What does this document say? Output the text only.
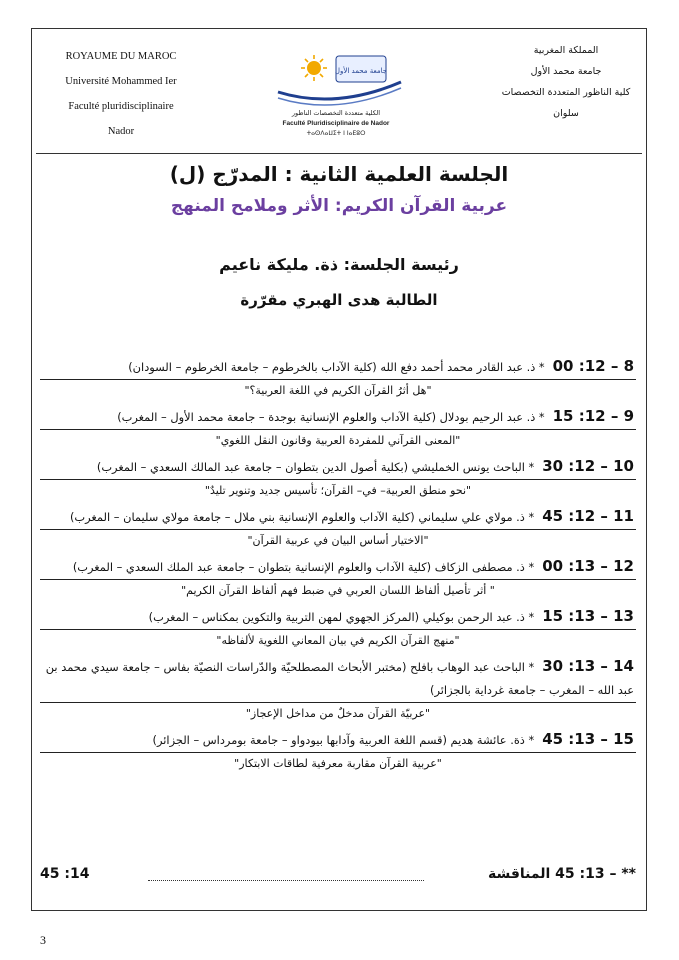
ROYAUME DU MAROC
Université Mohammed Ier
Faculté pluridisciplinaire
Nador
جامعة محمد الأول
الكلية متعددة التخصصات الناظور
Faculté Pluridisciplinaire de Nador
ⵜⴰⵙⴷⴰⵡⵉⵜ ⵏ ⵏⴰⴹⵓⵔ
المملكة المغربية
جامعة محمد الأول
كلية الناظور المتعددة التخصصات
سلوان
الجلسة العلمية الثانية : المدرّج (ل)
عربية القرآن الكريم: الأثر وملامح المنهج
رئيسة الجلسة: ذة. مليكة ناعيم
الطالبة هدى الهبري مقرّرة
8 – 12: 00* ذ. عبد القادر محمد أحمد دفع الله (كلية الآداب بالخرطوم – جامعة الخرطوم – السودان)
"هل أثرُ القرآن الكريم في اللغة العربية؟"
9 – 12: 15* ذ. عبد الرحيم بودلال (كلية الآداب والعلوم الإنسانية بوجدة – جامعة محمد الأول – المغرب)
"المعنى القرآني للمفردة العربية وقانون النقل اللغوي"
10 – 12: 30* الباحث يونس الخمليشي (بكلية أصول الدين بتطوان – جامعة عبد المالك السعدي – المغرب)
"نحو منطق العربية– في– القرآن؛ تأسيس جديد وتنوير تليدٌ"
11 – 12: 45* ذ. مولاي علي سليماني (كلية الآداب والعلوم الإنسانية بني ملال – جامعة مولاي سليمان – المغرب)
"الاختيار أساس البيان في عربية القرآن"
12 – 13: 00* ذ. مصطفى الزكاف (كلية الآداب والعلوم الإنسانية بتطوان – جامعة عبد الملك السعدي – المغرب)
" أثر تأصيل ألفاظ اللسان العربي في ضبط فهم ألفاظ القرآن الكريم"
13 – 13: 15* ذ. عبد الرحمن بوكيلي (المركز الجهوي لمهن التربية والتكوين بمكناس – المغرب)
"منهج القرآن الكريم في بيان المعاني اللغوية لألفاظه"
14 – 13: 30* الباحث عبد الوهاب بافلح (مختبر الأبحاث المصطلحيّة والدّراسات النصيّة بفاس – جامعة سيدي محمد بن عبد الله – المغرب – جامعة غرداية بالجزائر)
"عربيّة القرآن مدخلٌ من مداخل الإعجاز"
15 – 13: 45* ذة. عائشة هديم (قسم اللغة العربية وآدابها بيودواو – جامعة بومرداس – الجزائر)
"عربية القرآن مقاربة معرفية لطاقات الابتكار"
** – 13: 45 المناقشة
14: 45
3
